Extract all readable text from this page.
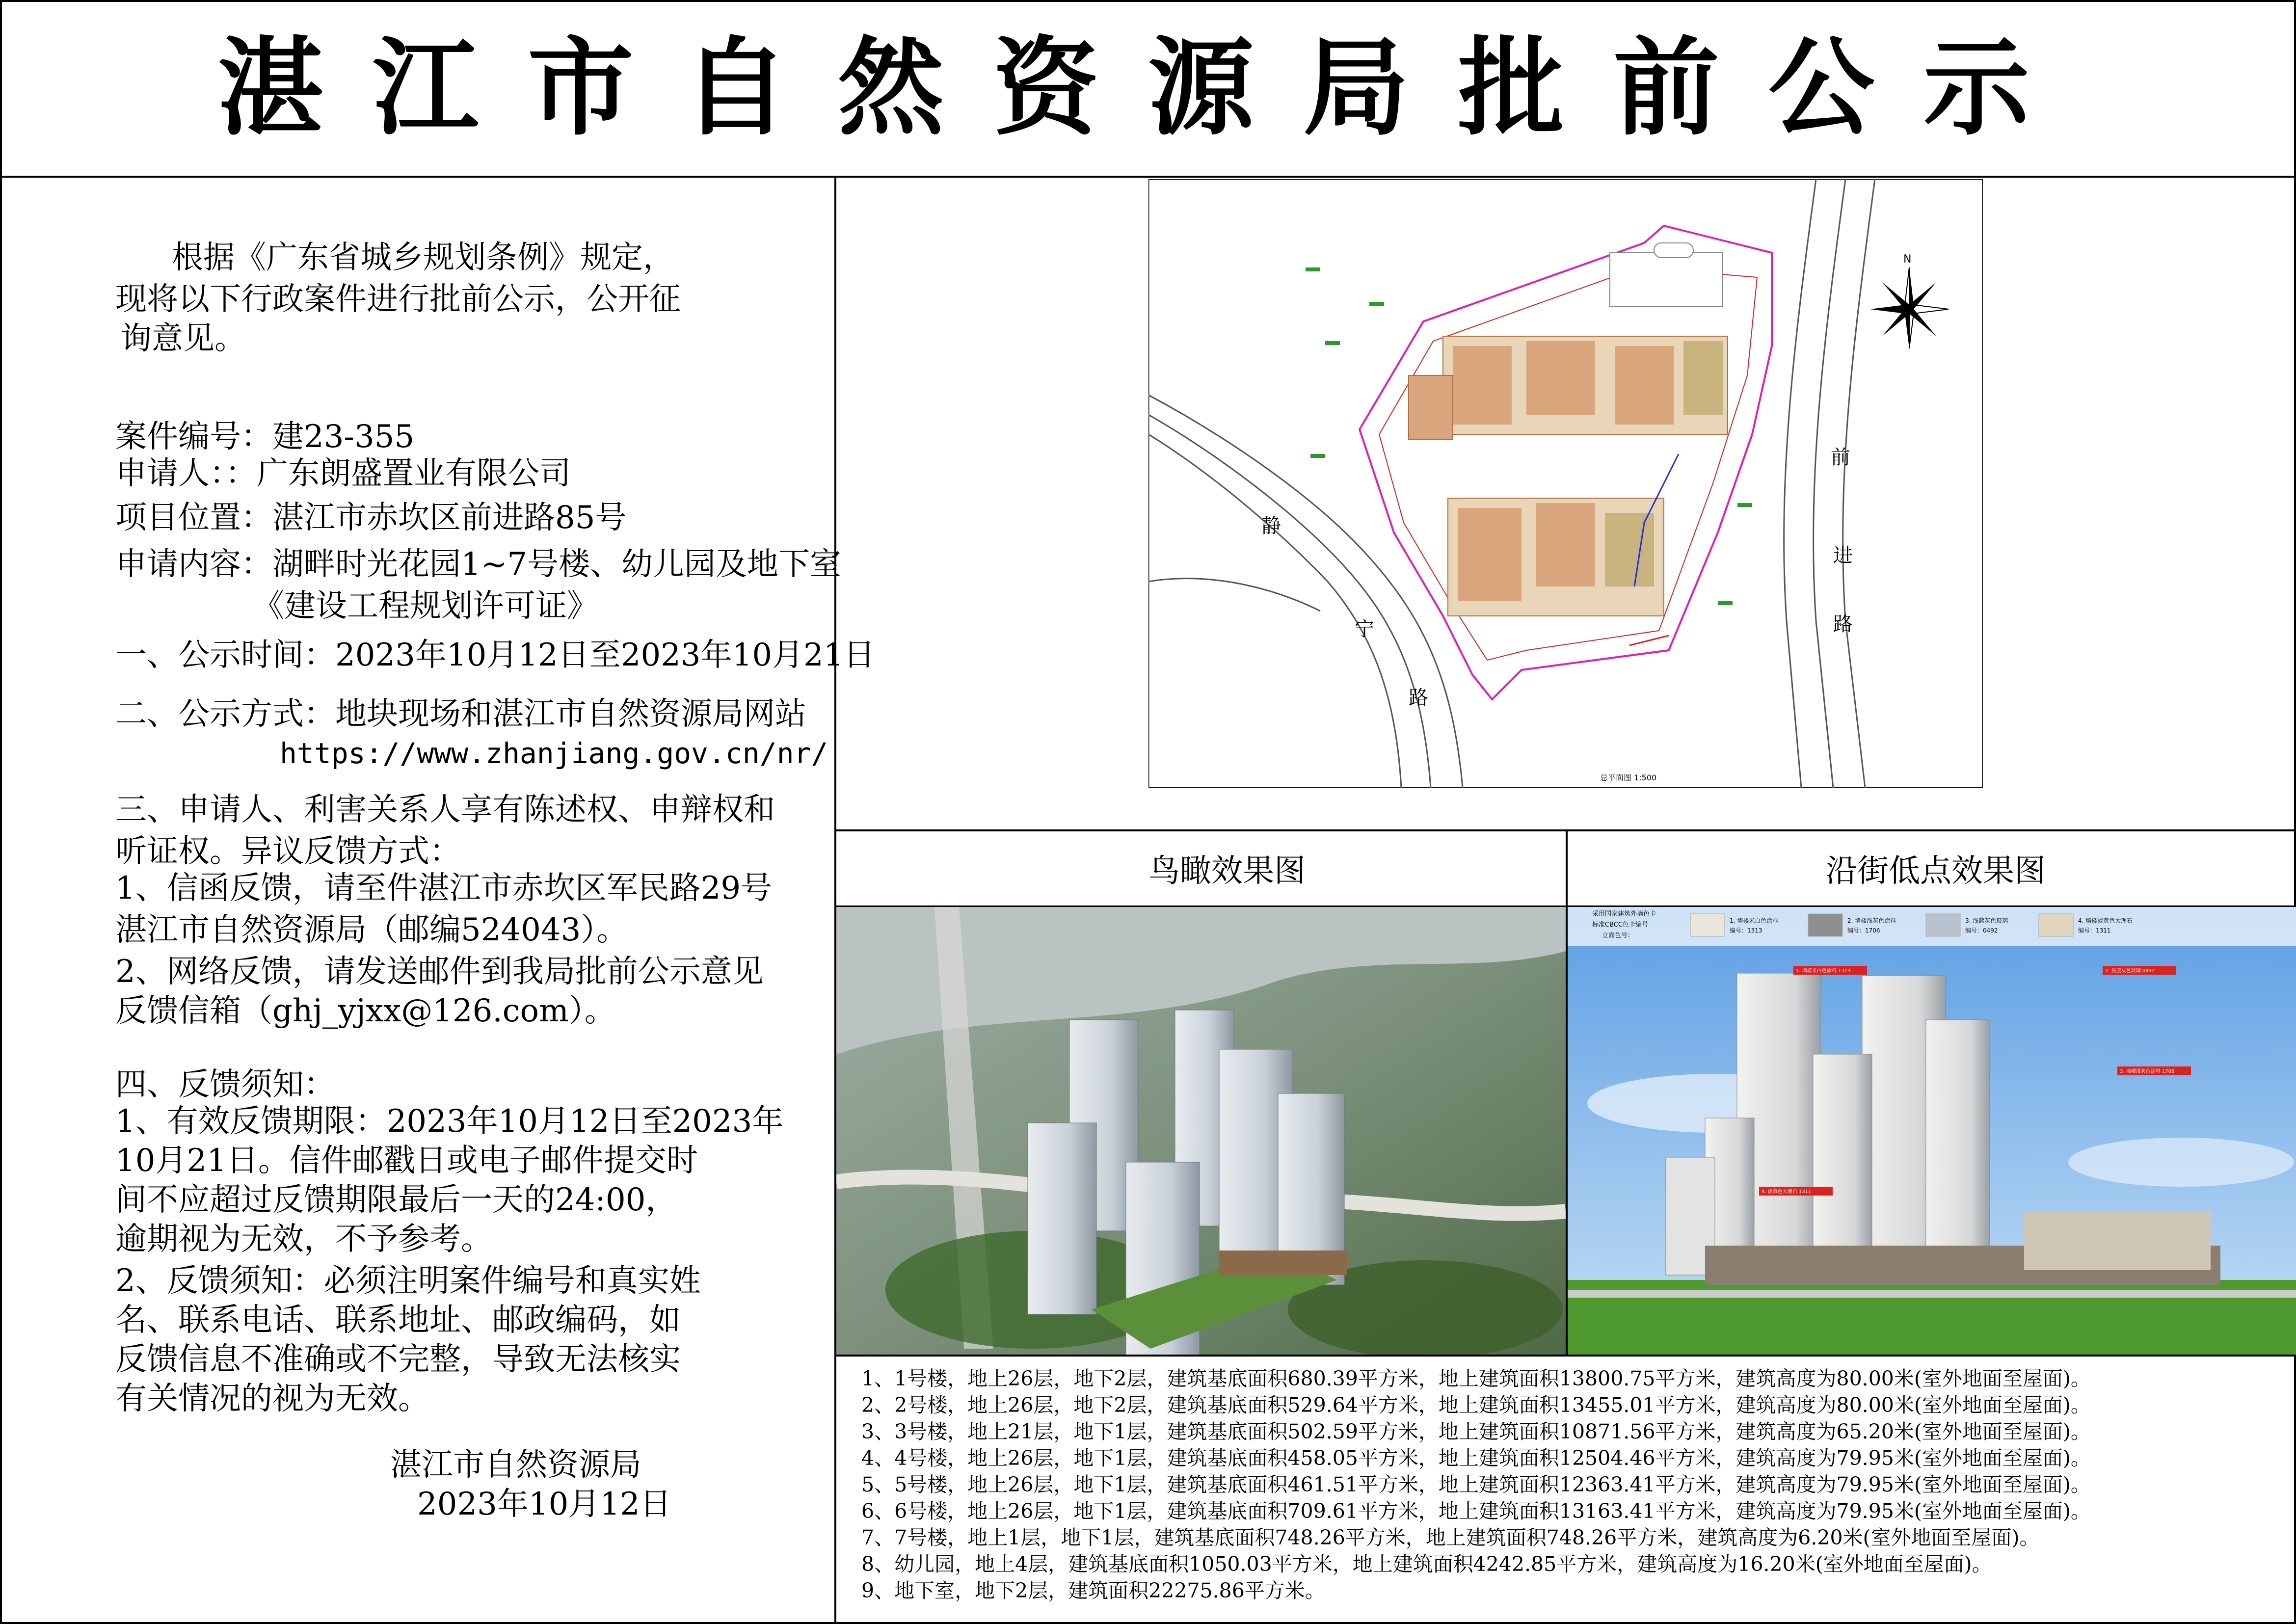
湛江市自然资源局批前公示
根据《广东省城乡规划条例》规定，
现将以下行政案件进行批前公示，公开征
询意见。
案件编号：建23-355
申请人：：广东朗盛置业有限公司
项目位置：湛江市赤坎区前进路85号
申请内容：湖畔时光花园1~7号楼、幼儿园及地下室
《建设工程规划许可证》
一、公示时间：2023年10月12日至2023年10月21日
二、公示方式：地块现场和湛江市自然资源局网站
https://www.zhanjiang.gov.cn/nr/
三、申请人、利害关系人享有陈述权、申辩权和
听证权。异议反馈方式：
1、信函反馈，请至件湛江市赤坎区军民路29号
湛江市自然资源局（邮编524043）。
2、网络反馈，请发送邮件到我局批前公示意见
反馈信箱（ghj_yjxx@126.com）。
四、反馈须知：
1、有效反馈期限：2023年10月12日至2023年
10月21日。信件邮戳日或电子邮件提交时
间不应超过反馈期限最后一天的24:00，
逾期视为无效，不予参考。
2、反馈须知：必须注明案件编号和真实姓
名、联系电话、联系地址、邮政编码，如
反馈信息不准确或不完整，导致无法核实
有关情况的视为无效。
湛江市自然资源局
2023年10月12日
鸟瞰效果图	沿街低点效果图
静
宁
路
前
进
路
总平面图 1:500
N
采用国家建筑外墙色卡
标准CBCC色卡编号
立面色号：
1. 墙楼米白色涂料
编号：1313
2. 墙楼浅灰色涂料
编号：1706
3. 浅蓝灰色玻璃
编号：0492
4. 墙楼淡黄色大理石
编号：1311
1. 墙楼米白色涂料 1313	2. 浅蓝灰色玻璃 0492
3. 墙楼浅灰色涂料 1706
4. 淡黄色大理石 1311
1、1号楼，地上26层，地下2层，建筑基底面积680.39平方米，地上建筑面积13800.75平方米，建筑高度为80.00米(室外地面至屋面)。
2、2号楼，地上26层，地下2层，建筑基底面积529.64平方米，地上建筑面积13455.01平方米，建筑高度为80.00米(室外地面至屋面)。
3、3号楼，地上21层，地下1层，建筑基底面积502.59平方米，地上建筑面积10871.56平方米，建筑高度为65.20米(室外地面至屋面)。
4、4号楼，地上26层，地下1层，建筑基底面积458.05平方米，地上建筑面积12504.46平方米，建筑高度为79.95米(室外地面至屋面)。
5、5号楼，地上26层，地下1层，建筑基底面积461.51平方米，地上建筑面积12363.41平方米，建筑高度为79.95米(室外地面至屋面)。
6、6号楼，地上26层，地下1层，建筑基底面积709.61平方米，地上建筑面积13163.41平方米，建筑高度为79.95米(室外地面至屋面)。
7、7号楼，地上1层，地下1层，建筑基底面积748.26平方米，地上建筑面积748.26平方米，建筑高度为6.20米(室外地面至屋面)。
8、幼儿园，地上4层，建筑基底面积1050.03平方米，地上建筑面积4242.85平方米，建筑高度为16.20米(室外地面至屋面)。
9、地下室，地下2层，建筑面积22275.86平方米。
